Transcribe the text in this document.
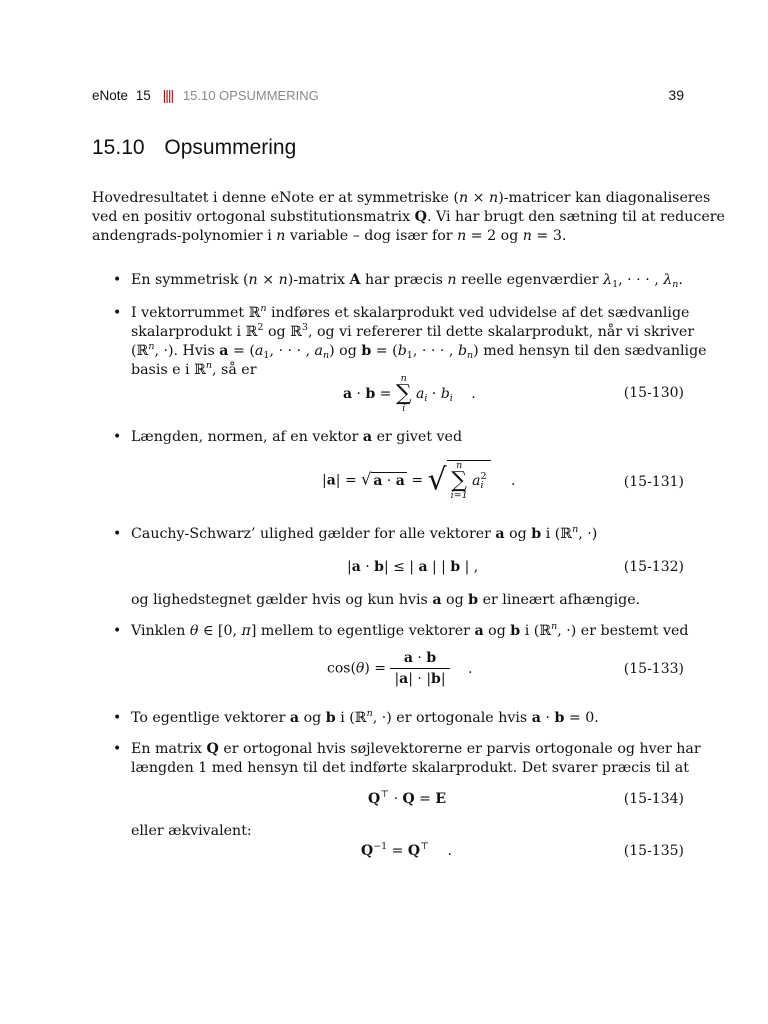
eNote 15 |||| 15.10 OPSUMMERING	39
15.10 Opsummering
Hovedresultatet i denne eNote er at symmetriske (n × n)-matricer kan diagonaliseres
ved en positiv ortogonal substitutionsmatrix Q. Vi har brugt den sætning til at reducere
andengrads-polynomier i n variable – dog især for n = 2 og n = 3.
• En symmetrisk (n × n)-matrix A har præcis n reelle egenværdier $\lambda_1$, · · · , $\lambda_n$.
• I vektorrummet ℝ$^n$ indføres et skalarprodukt ved udvidelse af det sædvanlige
skalarprodukt i ℝ$^2$ og ℝ$^3$, og vi refererer til dette skalarprodukt, når vi skriver
(ℝ$^n$, ·). Hvis $a = (a_1$, · · · , $a_n$) og $b = (b_1$, · · · , $b_n$) med hensyn til den sædvanlige
basis e i ℝ$^n$, så er
a · b =
n
∑
i
$a_i \cdot b_i$ .	(15-130)
• Længden, normen, af en vektor a er givet ved
|a| = √ a · a = √ n
∑
i=1
a 2
i .	(15-131)
• Cauchy-Schwarz’ ulighed gælder for alle vektorer a og b i (ℝ$^n$, ·)
|a · b| ≤ | a | | b | ,	(15-132)
og lighedstegnet gælder hvis og kun hvis a og b er lineært afhængige.
• Vinklen θ ∈ [0, π] mellem to egentlige vektorer a og b i (ℝ$^n$, ·) er bestemt ved
$\cos(\theta) = \frac{a \cdot b}{|a| \cdot |b|}$ .	(15-133)
• To egentlige vektorer a og b i (ℝ$^n$, ·) er ortogonale hvis a · b = 0.
• En matrix Q er ortogonal hvis søjlevektorerne er parvis ortogonale og hver har
længden 1 med hensyn til det indførte skalarprodukt. Det svarer præcis til at
Q⊤ · Q = E	(15-134)
eller ækvivalent:
$Q^{-1} = Q^⊤$ .	(15-135)
